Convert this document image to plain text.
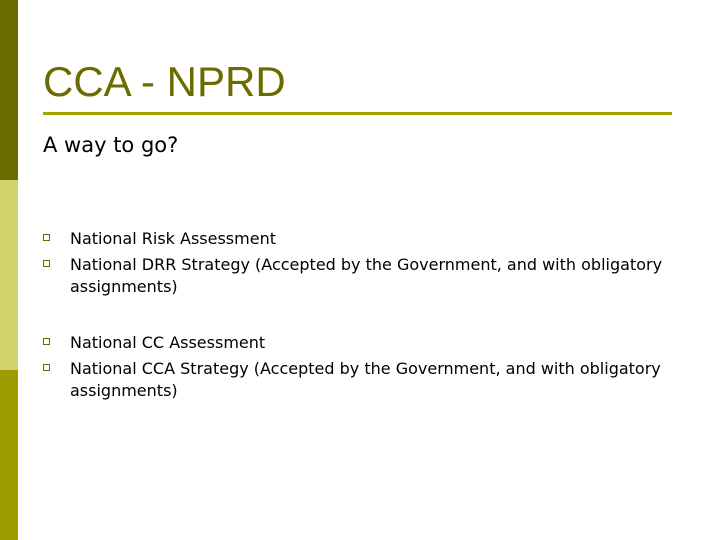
CCA - NPRD
A way to go?
National Risk Assessment
National DRR Strategy (Accepted by the Government, and with obligatory assignments)
National CC Assessment
National CCA Strategy (Accepted by the Government, and with obligatory assignments)
